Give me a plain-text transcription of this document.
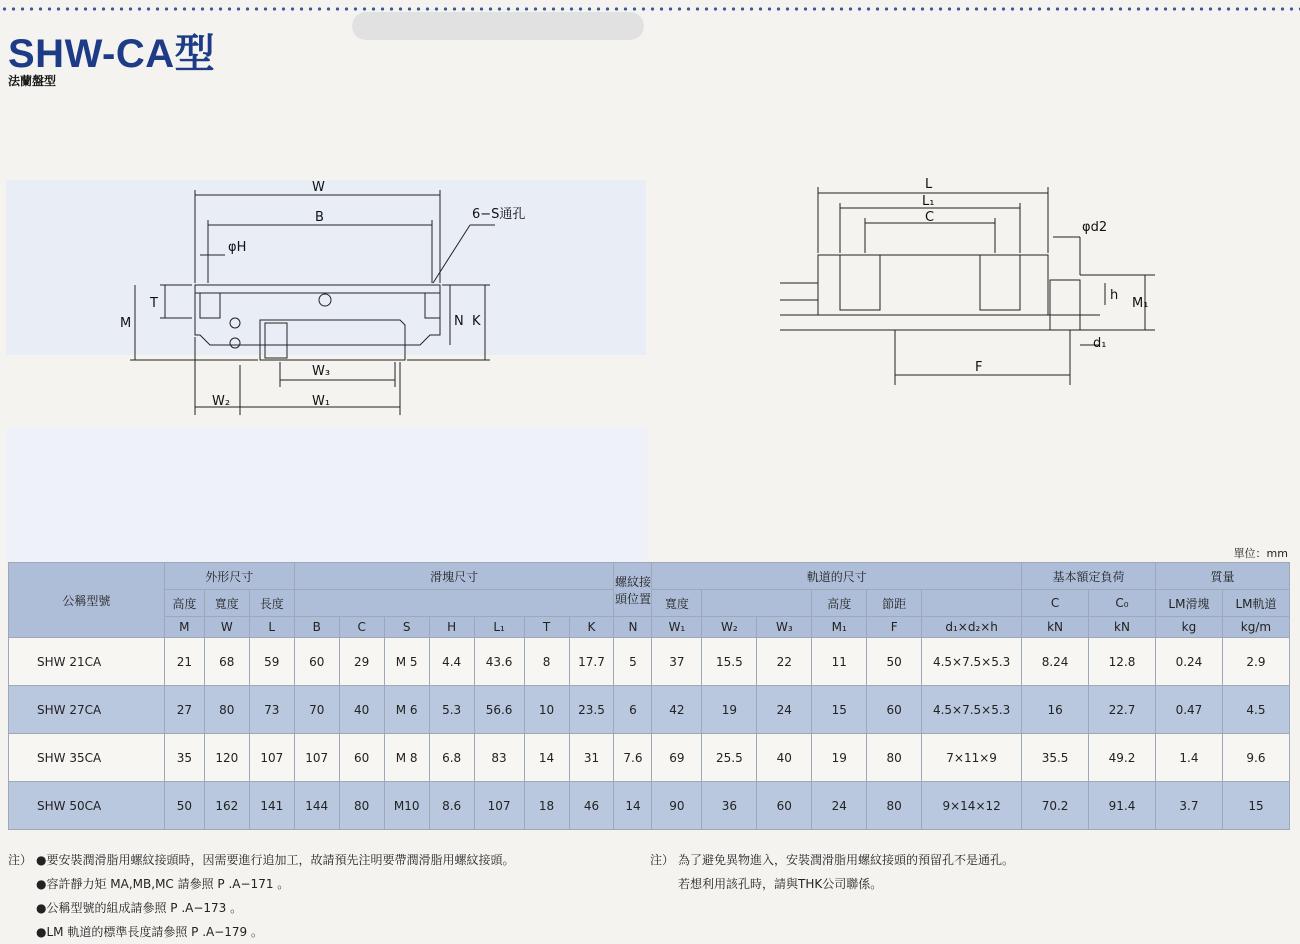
SHW-CA型
法蘭盤型
W
B	6−S通孔
φH
T
M	N K
W₃
W₂	W₁
L
L₁
C
φd2
h
M₁
d₁
F
單位：mm
公稱型號	外形尺寸			滑塊尺寸							螺紋接頭位置	軌道的尺寸						基本額定負荷		質量	
	高度	寬度	長度									寬度			高度	節距		C	C₀	LM滑塊	LM軌道
	M	W	L	B	C	S	H	L₁	T	K	N	W₁	W₂	W₃	M₁	F	d₁×d₂×h	kN	kN	kg	kg/m
SHW 21CA	21	68	59	60	29	M 5	4.4	43.6	8	17.7	5	37	15.5	22	11	50	4.5×7.5×5.3	8.24	12.8	0.24	2.9
SHW 27CA	27	80	73	70	40	M 6	5.3	56.6	10	23.5	6	42	19	24	15	60	4.5×7.5×5.3	16	22.7	0.47	4.5
SHW 35CA	35	120	107	107	60	M 8	6.8	83	14	31	7.6	69	25.5	40	19	80	7×11×9	35.5	49.2	1.4	9.6
SHW 50CA	50	162	141	144	80	M10	8.6	107	18	46	14	90	36	60	24	80	9×14×12	70.2	91.4	3.7	15
注） ●要安裝潤滑脂用螺紋接頭時，因需要進行追加工，故請預先注明要帶潤滑脂用螺紋接頭。
●容許靜力矩 MA,MB,MC 請參照 P .A−171 。
●公稱型號的組成請參照 P .A−173 。
●LM 軌道的標準長度請參照 P .A−179 。
注） 為了避免異物進入，安裝潤滑脂用螺紋接頭的預留孔不是通孔。
若想利用該孔時，請與THK公司聯係。
